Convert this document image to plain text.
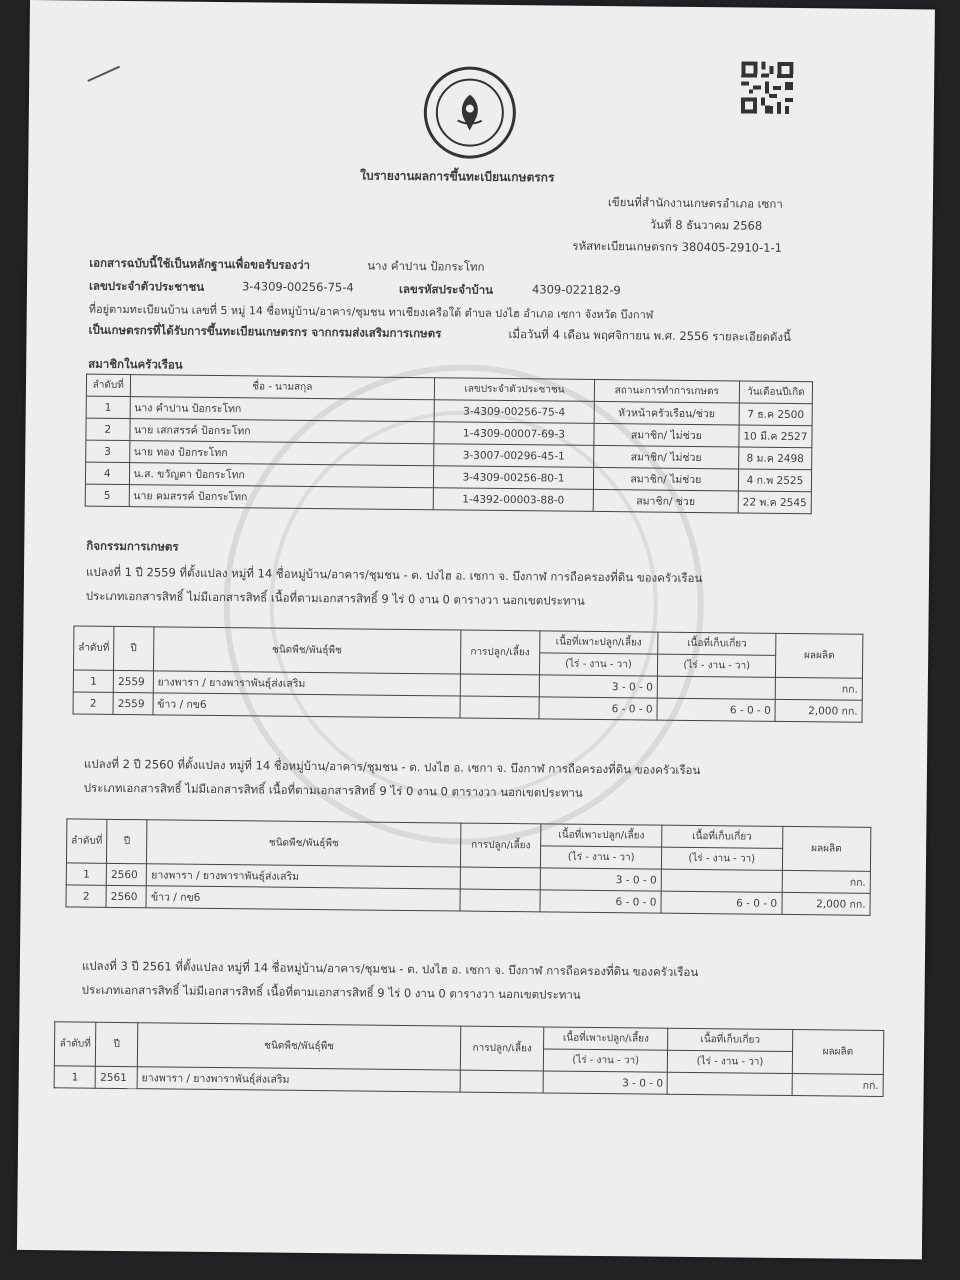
ใบรายงานผลการขึ้นทะเบียนเกษตรกร
เขียนที่สำนักงานเกษตรอำเภอ เซกา
วันที่ 8 ธันวาคม 2568
รหัสทะเบียนเกษตรกร 380405-2910-1-1
เอกสารฉบับนี้ใช้เป็นหลักฐานเพื่อขอรับรองว่า	นาง คำปาน ป้อกระโทก
เลขประจำตัวประชาชน	3-4309-00256-75-4	เลขรหัสประจำบ้าน	4309-022182-9
ที่อยู่ตามทะเบียนบ้าน เลขที่ 5 หมู่ 14 ชื่อหมู่บ้าน/อาคาร/ชุมชน ทาเชียงเครือใต้ ตำบล ปงไฮ อำเภอ เซกา จังหวัด บึงกาฬ
เป็นเกษตรกรที่ได้รับการขึ้นทะเบียนเกษตรกร จากกรมส่งเสริมการเกษตร	เมื่อวันที่ 4 เดือน พฤศจิกายน พ.ศ. 2556 รายละเอียดดังนี้
สมาชิกในครัวเรือน
ลำดับที่	ชื่อ - นามสกุล	เลขประจำตัวประชาชน	สถานะการทำการเกษตร	วันเดือนปีเกิด
1	นาง คำปาน ป้อกระโทก	3-4309-00256-75-4	หัวหน้าครัวเรือน/ช่วย	7 ธ.ค 2500
2	นาย เสกสรรค์ ป้อกระโทก	1-4309-00007-69-3	สมาชิก/ ไม่ช่วย	10 มี.ค 2527
3	นาย ทอง ป้อกระโทก	3-3007-00296-45-1	สมาชิก/ ไม่ช่วย	8 ม.ค 2498
4	น.ส. ขวัญตา ป้อกระโทก	3-4309-00256-80-1	สมาชิก/ ไม่ช่วย	4 ก.พ 2525
5	นาย คมสรรค์ ป้อกระโทก	1-4392-00003-88-0	สมาชิก/ ช่วย	22 พ.ค 2545
กิจกรรมการเกษตร
แปลงที่ 1 ปี 2559 ที่ตั้งแปลง หมู่ที่ 14 ชื่อหมู่บ้าน/อาคาร/ชุมชน - ต. ปงไฮ อ. เซกา จ. บึงกาฬ การถือครองที่ดิน ของครัวเรือน
ประเภทเอกสารสิทธิ์ ไม่มีเอกสารสิทธิ์ เนื้อที่ตามเอกสารสิทธิ์ 9 ไร่ 0 งาน 0 ตารางวา นอกเขตประทาน
ลำดับที่	ปี	ชนิดพืช/พันธุ์พืช	การปลูก/เลี้ยง	เนื้อที่เพาะปลูก/เลี้ยง	เนื้อที่เก็บเกี่ยว	ผลผลิต
				(ไร่ - งาน - วา)	(ไร่ - งาน - วา)	
1	2559	ยางพารา / ยางพาราพันธุ์ส่งเสริม		3 - 0 - 0		กก.
2	2559	ข้าว / กข6		6 - 0 - 0	6 - 0 - 0	2,000 กก.
แปลงที่ 2 ปี 2560 ที่ตั้งแปลง หมู่ที่ 14 ชื่อหมู่บ้าน/อาคาร/ชุมชน - ต. ปงไฮ อ. เซกา จ. บึงกาฬ การถือครองที่ดิน ของครัวเรือน
ประเภทเอกสารสิทธิ์ ไม่มีเอกสารสิทธิ์ เนื้อที่ตามเอกสารสิทธิ์ 9 ไร่ 0 งาน 0 ตารางวา นอกเขตประทาน
ลำดับที่	ปี	ชนิดพืช/พันธุ์พืช	การปลูก/เลี้ยง	เนื้อที่เพาะปลูก/เลี้ยง	เนื้อที่เก็บเกี่ยว	ผลผลิต
				(ไร่ - งาน - วา)	(ไร่ - งาน - วา)	
1	2560	ยางพารา / ยางพาราพันธุ์ส่งเสริม		3 - 0 - 0		กก.
2	2560	ข้าว / กข6		6 - 0 - 0	6 - 0 - 0	2,000 กก.
แปลงที่ 3 ปี 2561 ที่ตั้งแปลง หมู่ที่ 14 ชื่อหมู่บ้าน/อาคาร/ชุมชน - ต. ปงไฮ อ. เซกา จ. บึงกาฬ การถือครองที่ดิน ของครัวเรือน
ประเภทเอกสารสิทธิ์ ไม่มีเอกสารสิทธิ์ เนื้อที่ตามเอกสารสิทธิ์ 9 ไร่ 0 งาน 0 ตารางวา นอกเขตประทาน
ลำดับที่	ปี	ชนิดพืช/พันธุ์พืช	การปลูก/เลี้ยง	เนื้อที่เพาะปลูก/เลี้ยง	เนื้อที่เก็บเกี่ยว	ผลผลิต
				(ไร่ - งาน - วา)	(ไร่ - งาน - วา)	
1	2561	ยางพารา / ยางพาราพันธุ์ส่งเสริม		3 - 0 - 0		กก.
